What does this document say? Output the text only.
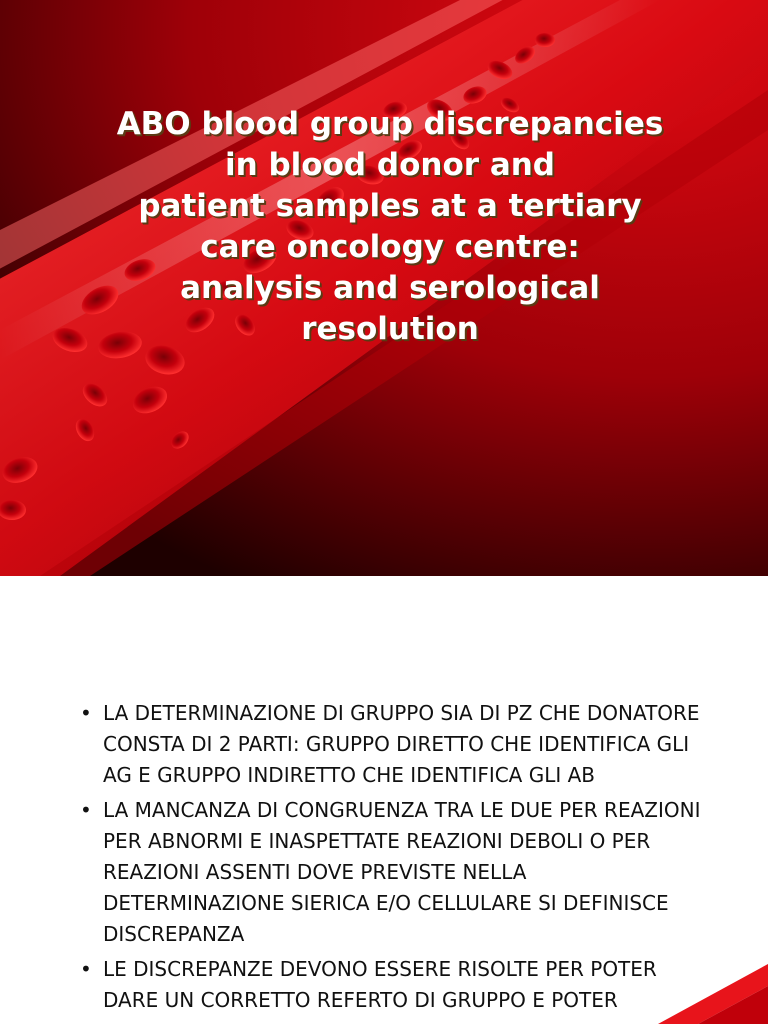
ABO blood group discrepancies
in blood donor and
patient samples at a tertiary
care oncology centre:
analysis and serological
resolution
• LA DETERMINAZIONE DI GRUPPO SIA DI PZ CHE DONATORE
CONSTA DI 2 PARTI: GRUPPO DIRETTO CHE IDENTIFICA GLI
AG E GRUPPO INDIRETTO CHE IDENTIFICA GLI AB
• LA MANCANZA DI CONGRUENZA TRA LE DUE PER REAZIONI
PER ABNORMI E INASPETTATE REAZIONI DEBOLI O PER
REAZIONI ASSENTI DOVE PREVISTE NELLA
DETERMINAZIONE SIERICA E/O CELLULARE SI DEFINISCE
DISCREPANZA
• LE DISCREPANZE DEVONO ESSERE RISOLTE PER POTER
DARE UN CORRETTO REFERTO DI GRUPPO E POTER
